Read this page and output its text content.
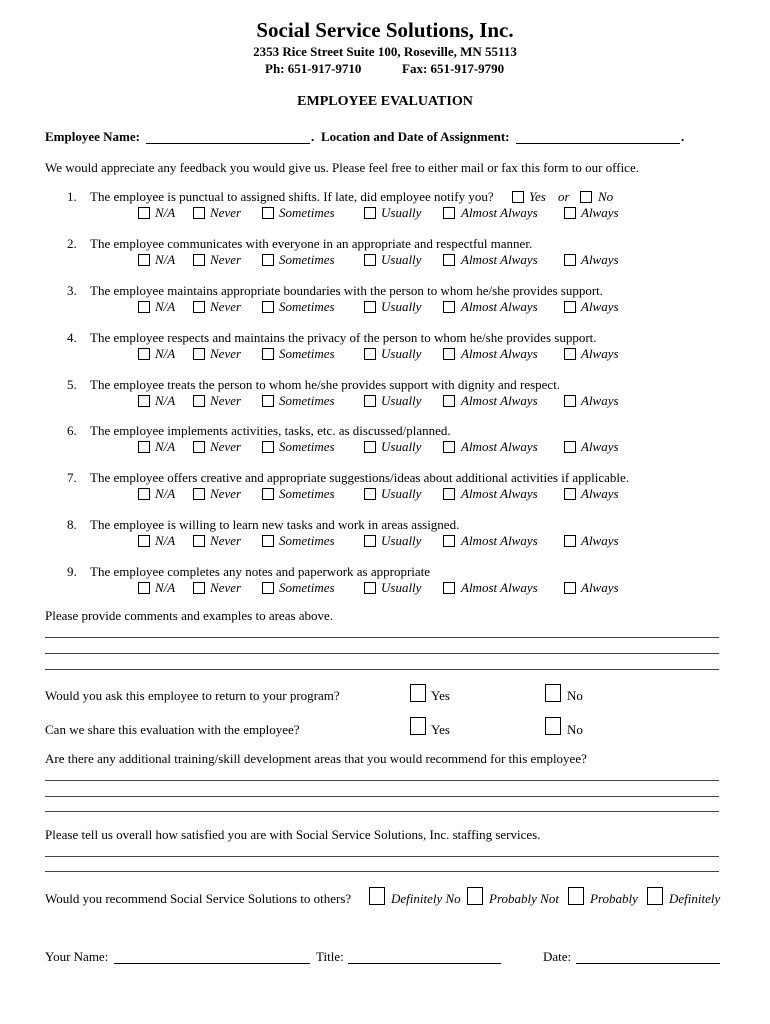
Social Service Solutions, Inc.
2353 Rice Street Suite 100, Roseville, MN 55113
Ph: 651-917-9710	Fax: 651-917-9790
EMPLOYEE EVALUATION
Employee Name:	. Location and Date of Assignment:	.
We would appreciate any feedback you would give us. Please feel free to either mail or fax this form to our office.
1. The employee is punctual to assigned shifts. If late, did employee notify you?	Yes or No
N/A	Never	Sometimes	Usually	Almost Always	Always
2. The employee communicates with everyone in an appropriate and respectful manner.
N/A	Never	Sometimes	Usually	Almost Always	Always
3. The employee maintains appropriate boundaries with the person to whom he/she provides support.
N/A	Never	Sometimes	Usually	Almost Always	Always
4. The employee respects and maintains the privacy of the person to whom he/she provides support.
N/A	Never	Sometimes	Usually	Almost Always	Always
5. The employee treats the person to whom he/she provides support with dignity and respect.
N/A	Never	Sometimes	Usually	Almost Always	Always
6. The employee implements activities, tasks, etc. as discussed/planned.
N/A	Never	Sometimes	Usually	Almost Always	Always
7. The employee offers creative and appropriate suggestions/ideas about additional activities if applicable.
N/A	Never	Sometimes	Usually	Almost Always	Always
8. The employee is willing to learn new tasks and work in areas assigned.
N/A	Never	Sometimes	Usually	Almost Always	Always
9. The employee completes any notes and paperwork as appropriate
N/A	Never	Sometimes	Usually	Almost Always	Always
Please provide comments and examples to areas above.
Would you ask this employee to return to your program?	Yes	No
Can we share this evaluation with the employee?	Yes	No
Are there any additional training/skill development areas that you would recommend for this employee?
Please tell us overall how satisfied you are with Social Service Solutions, Inc. staffing services.
Would you recommend Social Service Solutions to others?	Definitely No Probably Not Probably Definitely
Your Name:	Title:	Date:
